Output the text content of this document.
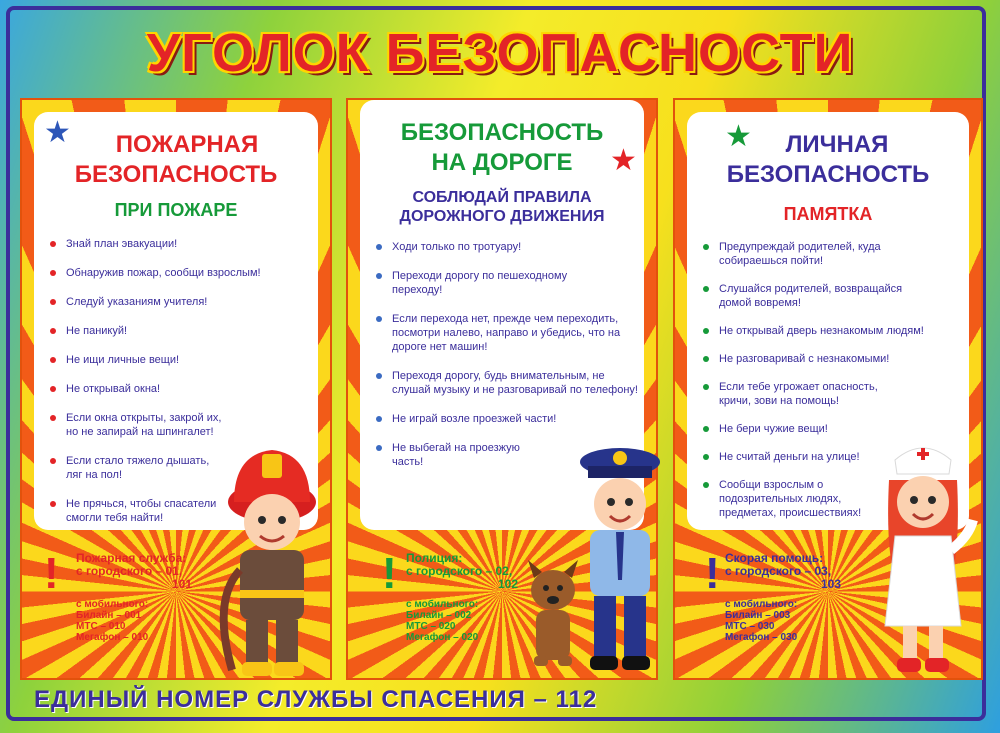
УГОЛОК БЕЗОПАСНОСТИ
★	ПОЖАРНАЯ

БЕЗОПАСНОСТЬ

ПРИ ПОЖАРЕ
Знай план эвакуации!
Обнаружив пожар, сообщи взрослым!
Следуй указаниям учителя!
Не паникуй!
Не ищи личные вещи!
Не открывай окна!
Если окна открыты, закрой их, но не запирай на шпингалет!
Если стало тяжело дышать, ляг на пол!
Не прячься, чтобы спасатели смогли тебя найти!
! Пожарная служба:
с городского – 01,
101
с мобильного:
Билайн – 001
МТС – 010
Мегафон – 010

БЕЗОПАСНОСТЬ

НА ДОРОГЕ	★
СОБЛЮДАЙ ПРАВИЛА
ДОРОЖНОГО ДВИЖЕНИЯ
Ходи только по тротуару!
Переходи дорогу по пешеходному переходу!
Если перехода нет, прежде чем переходить, посмотри налево, направо и убедись, что на дороге нет машин!
Переходя дорогу, будь внимательным, не слушай музыку и не разговаривай по телефону!
Не играй возле проезжей части!
Не выбегай на проезжую часть!
! Полиция:
с городского – 02,
102
с мобильного:
Билайн – 002
МТС – 020
Мегафон – 020
★	ЛИЧНАЯ

БЕЗОПАСНОСТЬ

ПАМЯТКА
Предупреждай родителей, куда собираешься пойти!
Слушайся родителей, возвращайся домой вовремя!
Не открывай дверь незнакомым людям!
Не разговаривай с незнакомыми!
Если тебе угрожает опасность, кричи, зови на помощь!
Не бери чужие вещи!
Не считай деньги на улице!
Сообщи взрослым о подозрительных людях, предметах, происшествиях!
! Скорая помощь:
с городского – 03,
103
с мобильного:
Билайн – 003
МТС – 030
Мегафон – 030
ЕДИНЫЙ НОМЕР СЛУЖБЫ СПАСЕНИЯ – 112
